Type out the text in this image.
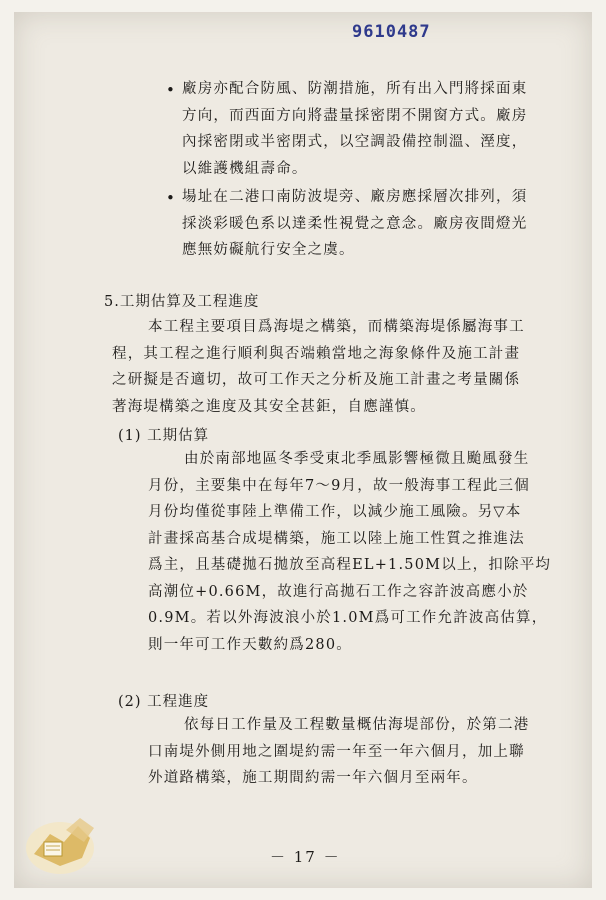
9610487
• 廠房亦配合防風、防潮措施，所有出入門將採面東
方向，而西面方向將盡量採密閉不開窗方式。廠房
內採密閉或半密閉式，以空調設備控制溫、溼度，
以維護機組壽命。
• 場址在二港口南防波堤旁、廠房應採層次排列，須
採淡彩暖色系以達柔性視覺之意念。廠房夜間燈光
應無妨礙航行安全之虞。
5.工期估算及工程進度
本工程主要項目爲海堤之構築，而構築海堤係屬海事工
程，其工程之進行順利與否端賴當地之海象條件及施工計畫
之研擬是否適切，故可工作天之分析及施工計畫之考量關係
著海堤構築之進度及其安全甚鉅，自應謹慎。
(1) 工期估算
由於南部地區冬季受東北季風影響極微且颱風發生
月份，主要集中在每年7～9月，故一般海事工程此三個
月份均僅從事陸上準備工作，以減少施工風險。另▽本
計畫採高基合成堤構築，施工以陸上施工性質之推進法
爲主，且基礎拋石拋放至高程EL+1.50M以上，扣除平均
高潮位+0.66M，故進行高拋石工作之容許波高應小於
0.9M。若以外海波浪小於1.0M爲可工作允許波高估算，
則一年可工作天數約爲280。
(2) 工程進度
依每日工作量及工程數量概估海堤部份，於第二港
口南堤外側用地之圍堤約需一年至一年六個月，加上聯
外道路構築，施工期間約需一年六個月至兩年。
－ 17 －
